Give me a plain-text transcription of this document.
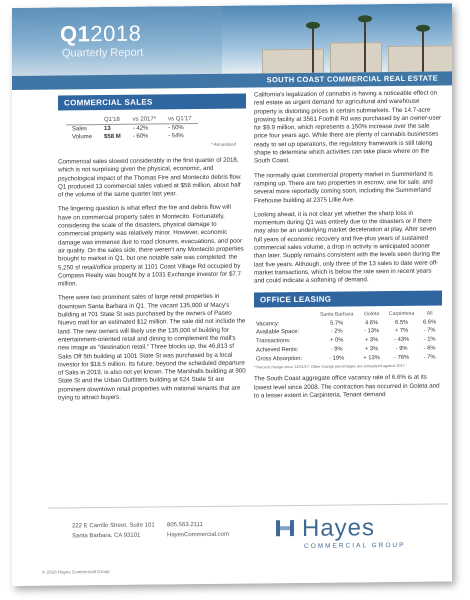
Q12018
Quarterly Report
SOUTH COAST COMMERCIAL REAL ESTATE
COMMERCIAL SALES
	Q1'18	vs 2017*	vs Q1'17
Sales	13	- 42%	- 50%
Volume	$58 M	- 60%	- 54%
* Annualized

Commercial sales slowed considerably in the first quarter of 2018, which is not surprising given the physical, economic, and psychological impact of the Thomas Fire and Montecito debris flow. Q1 produced 13 commercial sales valued at $58 million, about half of the volume of the same quarter last year.

The lingering question is what effect the fire and debris flow will have on commercial property sales in Montecito. Fortunately, considering the scale of the disasters, physical damage to commercial property was relatively minor. However, economic damage was immense due to road closures, evacuations, and poor air quality. On the sales side, there weren't any Montecito properties brought to market in Q1, but one notable sale was completed: the 5,250 sf retail/office property at 1101 Coast Village Rd occupied by Compass Realty was bought by a 1031 Exchange investor for $7.7 million.

There were two prominent sales of large retail properties in downtown Santa Barbara in Q1. The vacant 135,000 sf Macy's building at 701 State St was purchased by the owners of Paseo Nuevo mall for an estimated $12 million. The sale did not include the land. The new owners will likely use the 135,000 sf building for entertainment-oriented retail and dining to complement the mall's new image as "destination retail." Three blocks up, the 46,813 sf Saks Off 5th building at 1001 State St was purchased by a local investor for $18.5 million. Its future, beyond the scheduled departure of Saks in 2019, is also not yet known. The Marshalls building at 900 State St and the Urban Outfitters building at 624 State St are prominent downtown retail properties with national tenants that are trying to attract buyers.

California's legalization of cannabis is having a noticeable effect on real estate as urgent demand for agricultural and warehouse property is distorting prices in certain submarkets. The 14.7-acre growing facility at 3561 Foothill Rd was purchased by an owner-user for $9.9 million, which represents a 150% increase over the sale price four years ago. While there are plenty of cannabis businesses ready to set up operations, the regulatory framework is still taking shape to determine which activities can take place where on the South Coast.

The normally quiet commercial property market in Summerland is ramping up. There are two properties in escrow, one for sale, and several more reportedly coming soon, including the Summerland Firehouse building at 2375 Lillie Ave.

Looking ahead, it is not clear yet whether the sharp loss in momentum during Q1 was entirely due to the disasters or if there may also be an underlying market deceleration at play. After seven full years of economic recovery and five-plus years of sustained commercial sales volume, a drop in activity is anticipated sooner than later. Supply remains consistent with the levels seen during the last five years. Although, only three of the 13 sales to date were off-market transactions, which is below the rate seen in recent years and could indicate a softening of demand.

OFFICE LEASING
	Santa Barbara	Goleta	Carpinteria	All
Vacancy:	5.7%	4.6%	6.5%	6.6%
Available Space:	- 2%	- 13%	+ 7%	- 7%
Transactions:	+ 0%	+ 3%	- 43%	- 1%
Achieved Rents:	- 9%	+ 3%	- 9%	- 6%
Gross Absorption:	- 19%	+ 13%	- 78%	- 7%
* Percent change since 12/31/17. Other change percentages are annualized against 2017.

The South Coast aggregate office vacancy rate of 6.6% is at its lowest level since 2008. The contraction has occurred in Goleta and to a lesser extent in Carpinteria. Tenant demand

222 E Carrillo Street, Suite 101
Santa Barbara, CA 93101
805.563.2111
HayesCommercial.com	Hayes
COMMERCIAL GROUP
© 2018 Hayes Commercial Group
